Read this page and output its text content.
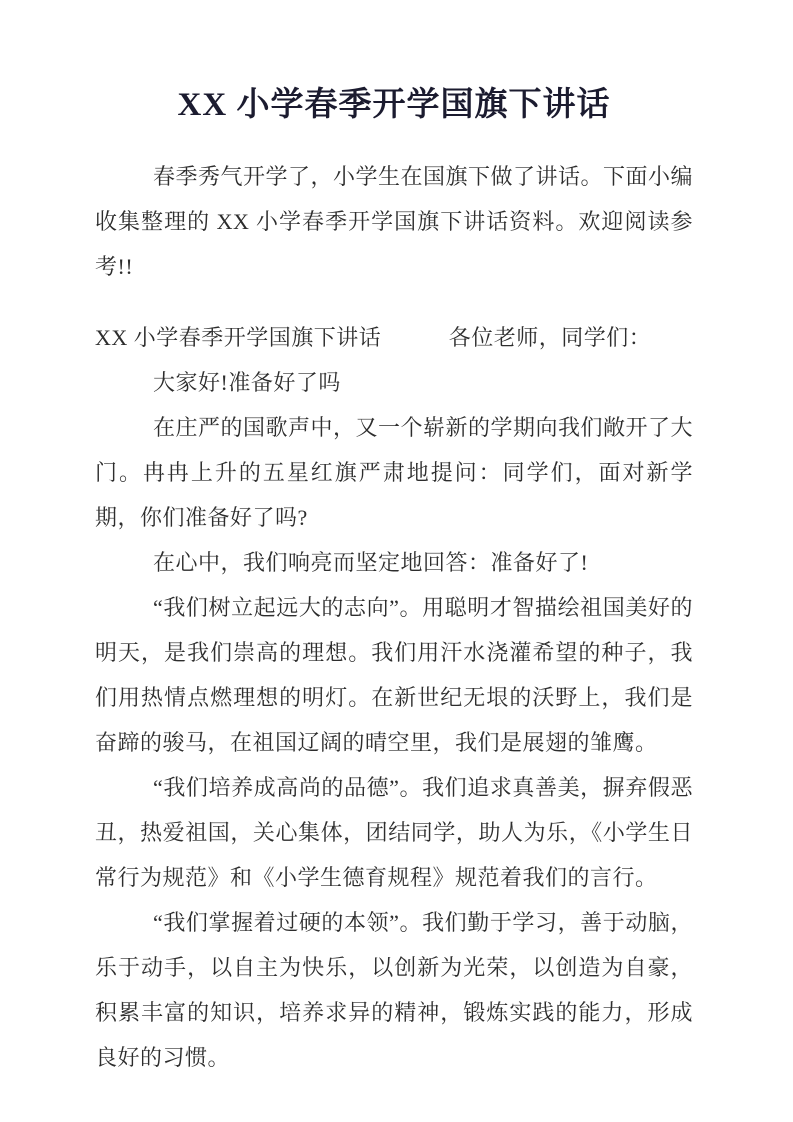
XX 小学春季开学国旗下讲话

春季秀气开学了，小学生在国旗下做了讲话。下面小编收集整理的 XX 小学春季开学国旗下讲话资料。欢迎阅读参考!!

XX 小学春季开学国旗下讲话　　　各位老师，同学们：

大家好!准备好了吗

在庄严的国歌声中，又一个崭新的学期向我们敞开了大门。冉冉上升的五星红旗严肃地提问：同学们，面对新学期，你们准备好了吗?

在心中，我们响亮而坚定地回答：准备好了!

“我们树立起远大的志向”。用聪明才智描绘祖国美好的明天，是我们崇高的理想。我们用汗水浇灌希望的种子，我们用热情点燃理想的明灯。在新世纪无垠的沃野上，我们是奋蹄的骏马，在祖国辽阔的晴空里，我们是展翅的雏鹰。

“我们培养成高尚的品德”。我们追求真善美，摒弃假恶丑，热爱祖国，关心集体，团结同学，助人为乐，《小学生日常行为规范》和《小学生德育规程》规范着我们的言行。

“我们掌握着过硬的本领”。我们勤于学习，善于动脑，乐于动手，以自主为快乐，以创新为光荣，以创造为自豪，积累丰富的知识，培养求异的精神，锻炼实践的能力，形成良好的习惯。
